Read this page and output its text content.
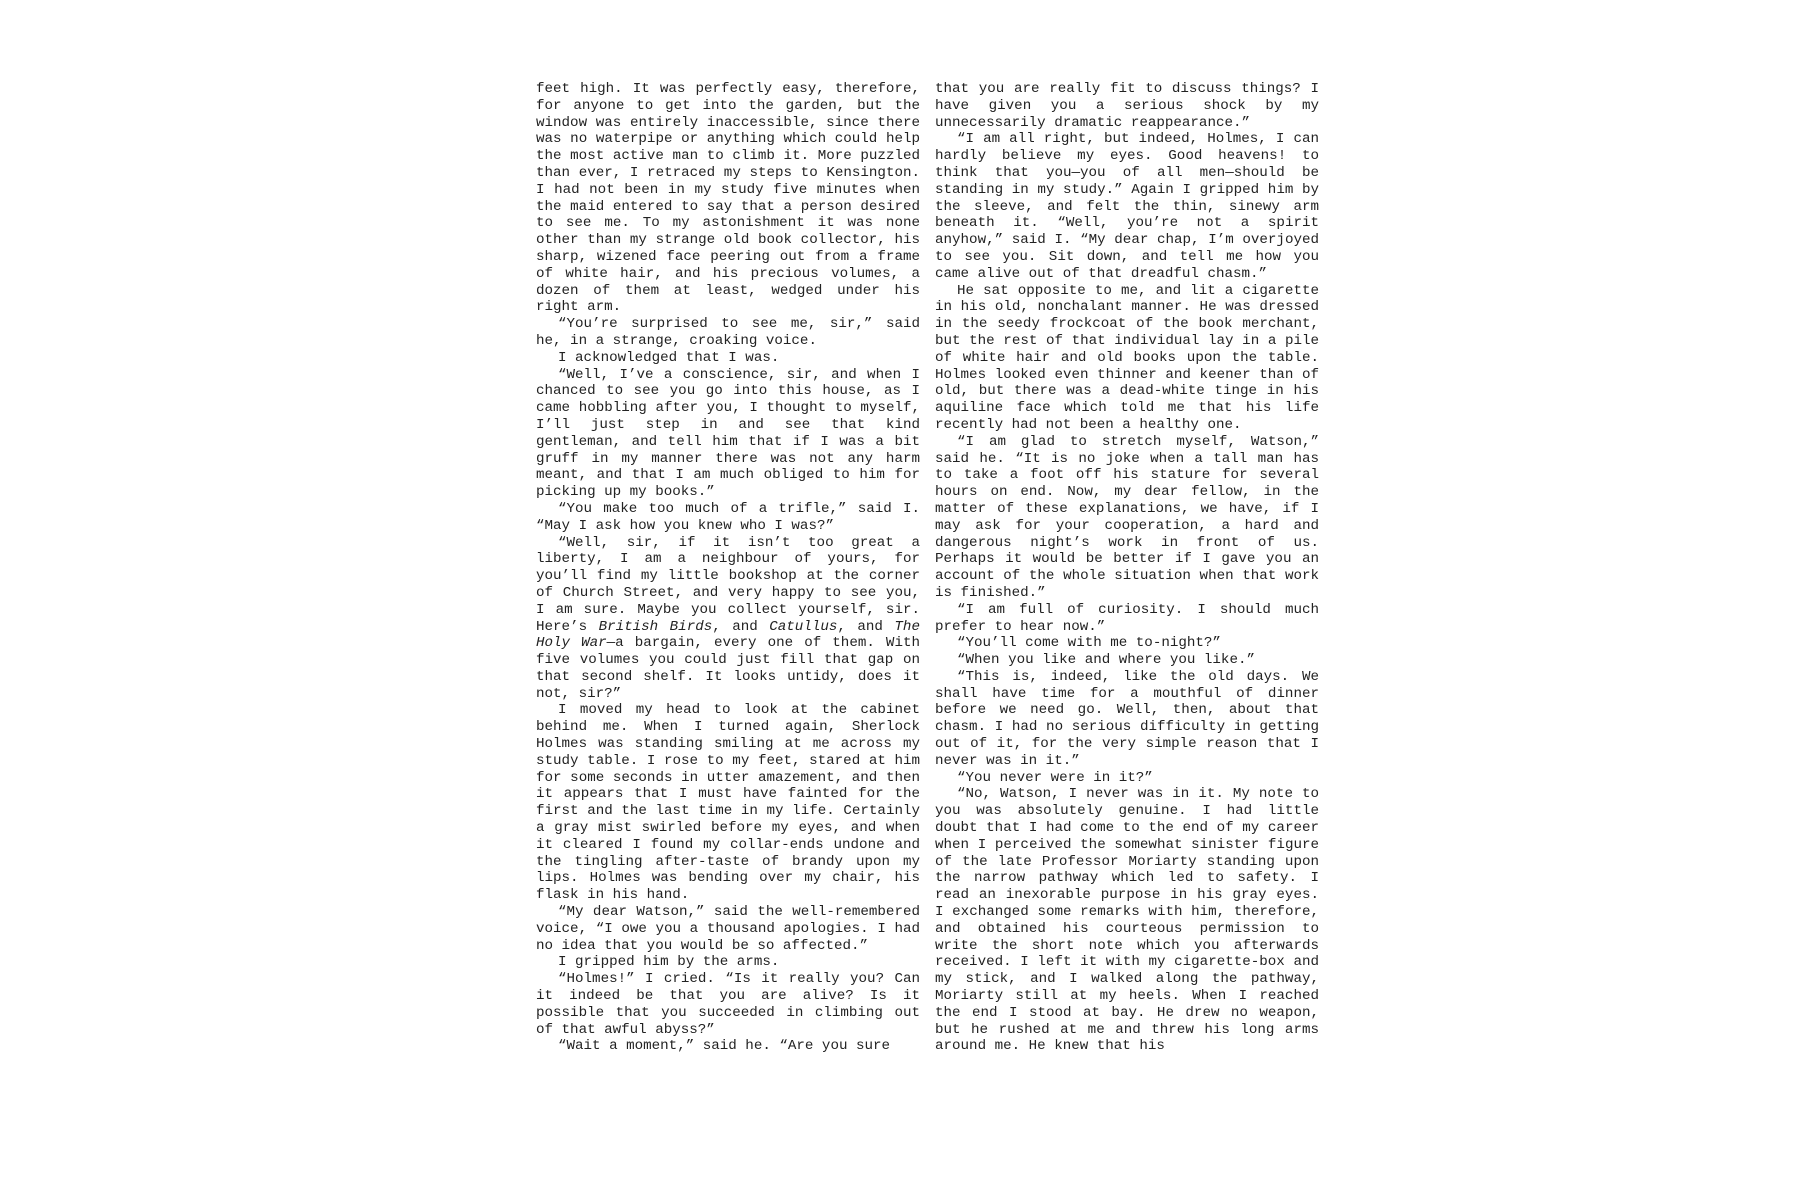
feet high. It was perfectly easy, therefore, for anyone to get into the garden, but the window was entirely inaccessible, since there was no waterpipe or anything which could help the most active man to climb it. More puzzled than ever, I retraced my steps to Kensington. I had not been in my study five minutes when the maid entered to say that a person desired to see me. To my astonishment it was none other than my strange old book collector, his sharp, wizened face peering out from a frame of white hair, and his precious volumes, a dozen of them at least, wedged under his right arm.

“You’re surprised to see me, sir,” said he, in a strange, croaking voice.

I acknowledged that I was.

“Well, I’ve a conscience, sir, and when I chanced to see you go into this house, as I came hobbling after you, I thought to myself, I’ll just step in and see that kind gentleman, and tell him that if I was a bit gruff in my manner there was not any harm meant, and that I am much obliged to him for picking up my books.”

“You make too much of a trifle,” said I. “May I ask how you knew who I was?”

“Well, sir, if it isn’t too great a liberty, I am a neighbour of yours, for you’ll find my little bookshop at the corner of Church Street, and very happy to see you, I am sure. Maybe you collect yourself, sir. Here’s British Birds, and Catullus, and The Holy War—a bargain, every one of them. With five volumes you could just fill that gap on that second shelf. It looks untidy, does it not, sir?”

I moved my head to look at the cabinet behind me. When I turned again, Sherlock Holmes was standing smiling at me across my study table. I rose to my feet, stared at him for some seconds in utter amazement, and then it appears that I must have fainted for the first and the last time in my life. Certainly a gray mist swirled before my eyes, and when it cleared I found my collar-ends undone and the tingling after-taste of brandy upon my lips. Holmes was bending over my chair, his flask in his hand.

“My dear Watson,” said the well-remembered voice, “I owe you a thousand apologies. I had no idea that you would be so affected.”

I gripped him by the arms.

“Holmes!” I cried. “Is it really you? Can it indeed be that you are alive? Is it possible that you succeeded in climbing out of that awful abyss?”

“Wait a moment,” said he. “Are you sure

that you are really fit to discuss things? I have given you a serious shock by my unnecessarily dramatic reappearance.”

“I am all right, but indeed, Holmes, I can hardly believe my eyes. Good heavens! to think that you—you of all men—should be standing in my study.” Again I gripped him by the sleeve, and felt the thin, sinewy arm beneath it. “Well, you’re not a spirit anyhow,” said I. “My dear chap, I’m overjoyed to see you. Sit down, and tell me how you came alive out of that dreadful chasm.”

He sat opposite to me, and lit a cigarette in his old, nonchalant manner. He was dressed in the seedy frockcoat of the book merchant, but the rest of that individual lay in a pile of white hair and old books upon the table. Holmes looked even thinner and keener than of old, but there was a dead-white tinge in his aquiline face which told me that his life recently had not been a healthy one.

“I am glad to stretch myself, Watson,” said he. “It is no joke when a tall man has to take a foot off his stature for several hours on end. Now, my dear fellow, in the matter of these explanations, we have, if I may ask for your cooperation, a hard and dangerous night’s work in front of us. Perhaps it would be better if I gave you an account of the whole situation when that work is finished.”

“I am full of curiosity. I should much prefer to hear now.”

“You’ll come with me to-night?”

“When you like and where you like.”

“This is, indeed, like the old days. We shall have time for a mouthful of dinner before we need go. Well, then, about that chasm. I had no serious difficulty in getting out of it, for the very simple reason that I never was in it.”

“You never were in it?”

“No, Watson, I never was in it. My note to you was absolutely genuine. I had little doubt that I had come to the end of my career when I perceived the somewhat sinister figure of the late Professor Moriarty standing upon the narrow pathway which led to safety. I read an inexorable purpose in his gray eyes. I exchanged some remarks with him, therefore, and obtained his courteous permission to write the short note which you afterwards received. I left it with my cigarette-box and my stick, and I walked along the pathway, Moriarty still at my heels. When I reached the end I stood at bay. He drew no weapon, but he rushed at me and threw his long arms around me. He knew that his
